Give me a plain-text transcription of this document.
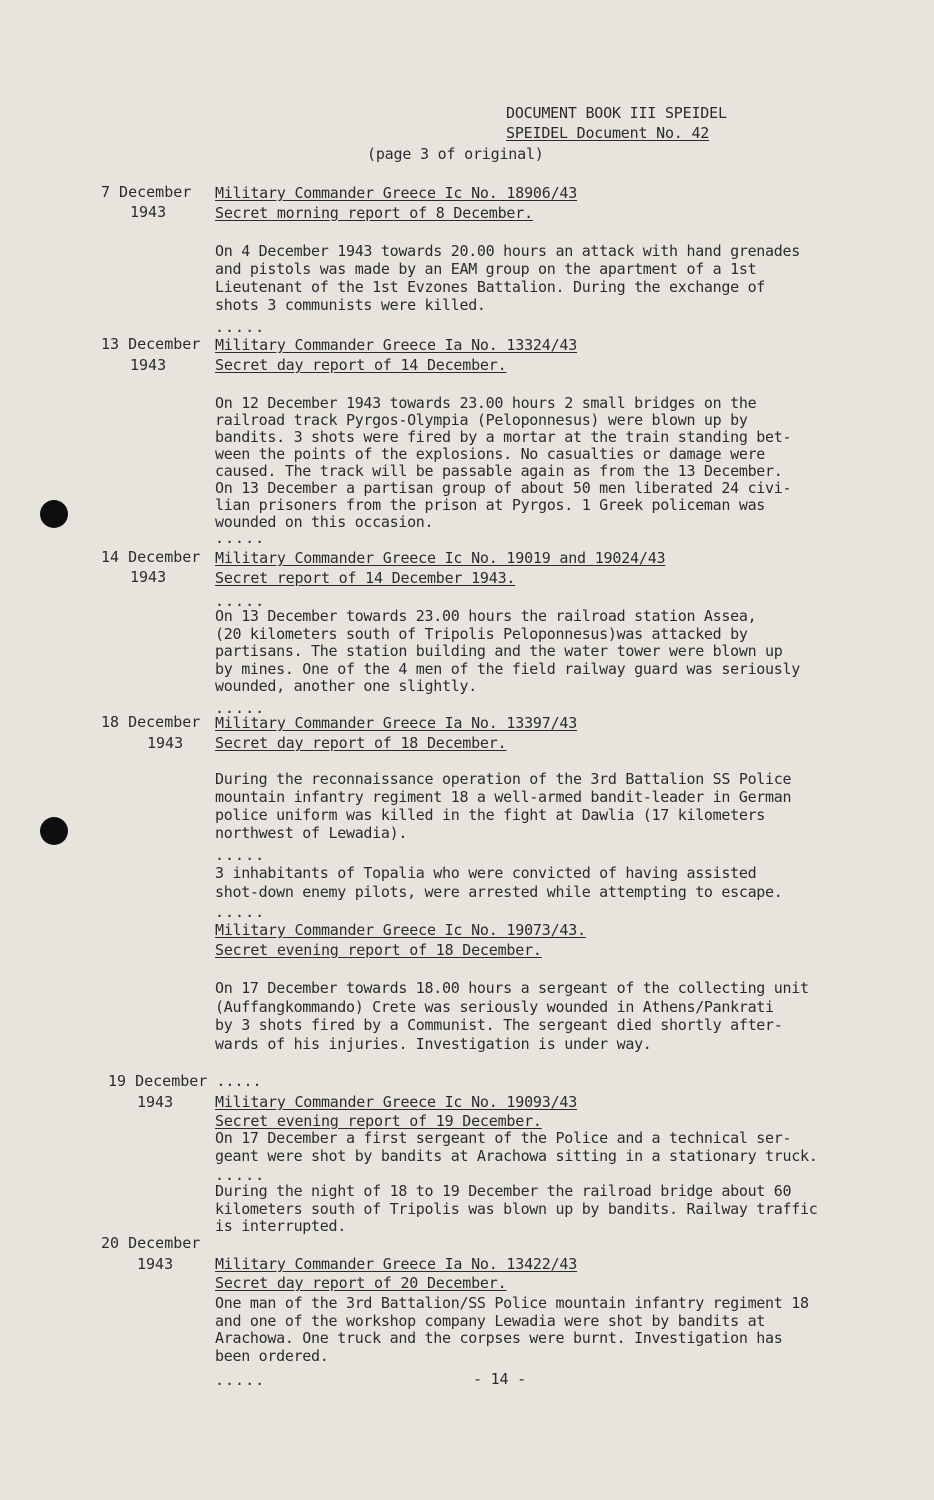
DOCUMENT BOOK III SPEIDEL
SPEIDEL Document No. 42
(page 3 of original)
7 December
1943
Military Commander Greece Ic No. 18906/43
Secret morning report of 8 December.
On 4 December 1943 towards 20.00 hours an attack with hand grenades
and pistols was made by an EAM group on the apartment of a 1st
Lieutenant of the 1st Evzones Battalion. During the exchange of
shots 3 communists were killed.
.....
13 December
1943
Military Commander Greece Ia No. 13324/43
Secret day report of 14 December.
On 12 December 1943 towards 23.00 hours 2 small bridges on the
railroad track Pyrgos-Olympia (Peloponnesus) were blown up by
bandits. 3 shots were fired by a mortar at the train standing bet-
ween the points of the explosions. No casualties or damage were
caused. The track will be passable again as from the 13 December.
On 13 December a partisan group of about 50 men liberated 24 civi-
lian prisoners from the prison at Pyrgos. 1 Greek policeman was
wounded on this occasion.
.....
14 December
1943
Military Commander Greece Ic No. 19019 and 19024/43
Secret report of 14 December 1943.
.....
On 13 December towards 23.00 hours the railroad station Assea,
(20 kilometers south of Tripolis Peloponnesus)was attacked by
partisans. The station building and the water tower were blown up
by mines. One of the 4 men of the field railway guard was seriously
wounded, another one slightly.
.....
18 December
1943
Military Commander Greece Ia No. 13397/43
Secret day report of 18 December.
During the reconnaissance operation of the 3rd Battalion SS Police
mountain infantry regiment 18 a well-armed bandit-leader in German
police uniform was killed in the fight at Dawlia (17 kilometers
northwest of Lewadia).
.....
3 inhabitants of Topalia who were convicted of having assisted
shot-down enemy pilots, were arrested while attempting to escape.
.....
Military Commander Greece Ic No. 19073/43.
Secret evening report of 18 December.
On 17 December towards 18.00 hours a sergeant of the collecting unit
(Auffangkommando) Crete was seriously wounded in Athens/Pankrati
by 3 shots fired by a Communist. The sergeant died shortly after-
wards of his injuries. Investigation is under way.
19 December .....
1943	Military Commander Greece Ic No. 19093/43
Secret evening report of 19 December.
On 17 December a first sergeant of the Police and a technical ser-
geant were shot by bandits at Arachowa sitting in a stationary truck.
.....
During the night of 18 to 19 December the railroad bridge about 60
kilometers south of Tripolis was blown up by bandits. Railway traffic
is interrupted.
20 December
1943	Military Commander Greece Ia No. 13422/43
Secret day report of 20 December.
One man of the 3rd Battalion/SS Police mountain infantry regiment 18
and one of the workshop company Lewadia were shot by bandits at
Arachowa. One truck and the corpses were burnt. Investigation has
been ordered.
.....	- 14 -
